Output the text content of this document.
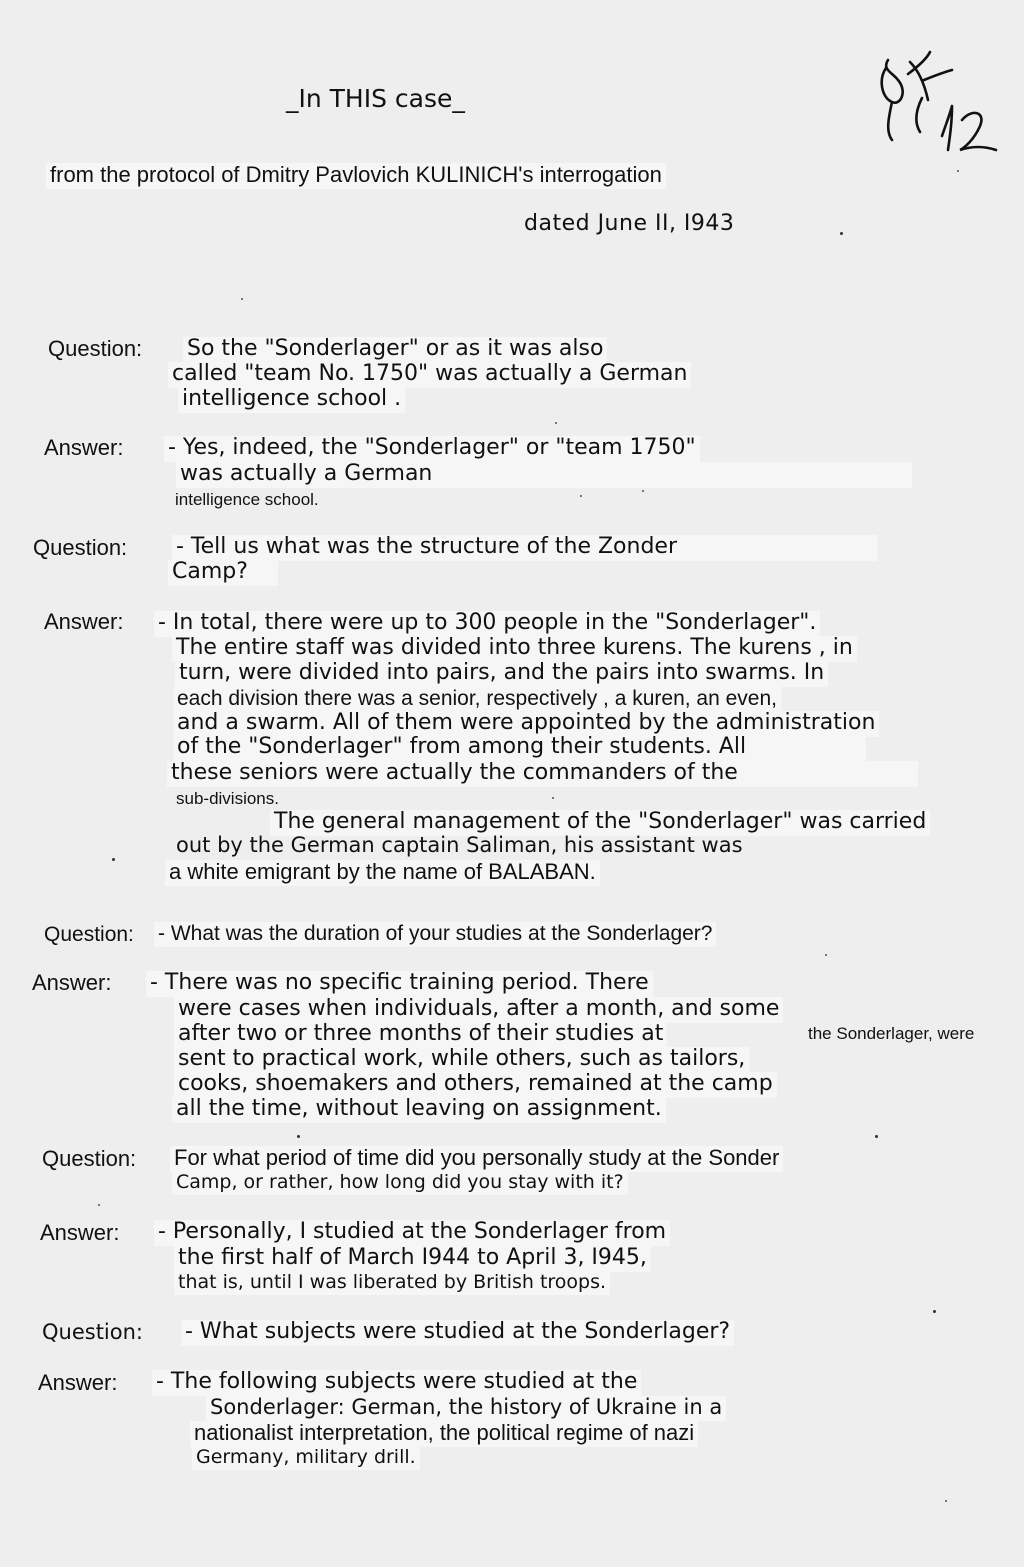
_In THIS case_
from the protocol of Dmitry Pavlovich KULINICH's interrogation
dated June II, I943
Question: So the "Sonderlager" or as it was also
called "team No. 1750" was actually a German
intelligence school .
Answer: - Yes, indeed, the "Sonderlager" or "team 1750"
was actually a German
intelligence school.
Question: - Tell us what was the structure of the Zonder
Camp?
Answer: - In total, there were up to 300 people in the "Sonderlager".
The entire staff was divided into three kurens. The kurens , in
turn, were divided into pairs, and the pairs into swarms. In
each division there was a senior, respectively , a kuren, an even,
and a swarm. All of them were appointed by the administration
of the "Sonderlager" from among their students. All
these seniors were actually the commanders of the
sub-divisions.
The general management of the "Sonderlager" was carried
out by the German captain Saliman, his assistant was
a white emigrant by the name of BALABAN.
Question: - What was the duration of your studies at the Sonderlager?
Answer: - There was no specific training period. There
were cases when individuals, after a month, and some
after two or three months of their studies at	the Sonderlager, were
sent to practical work, while others, such as tailors,
cooks, shoemakers and others, remained at the camp
all the time, without leaving on assignment.
Question: For what period of time did you personally study at the Sonder
Camp, or rather, how long did you stay with it?
Answer: - Personally, I studied at the Sonderlager from
the first half of March I944 to April 3, I945,
that is, until I was liberated by British troops.
Question: - What subjects were studied at the Sonderlager?
Answer: - The following subjects were studied at the
Sonderlager: German, the history of Ukraine in a
nationalist interpretation, the political regime of nazi
Germany, military drill.
